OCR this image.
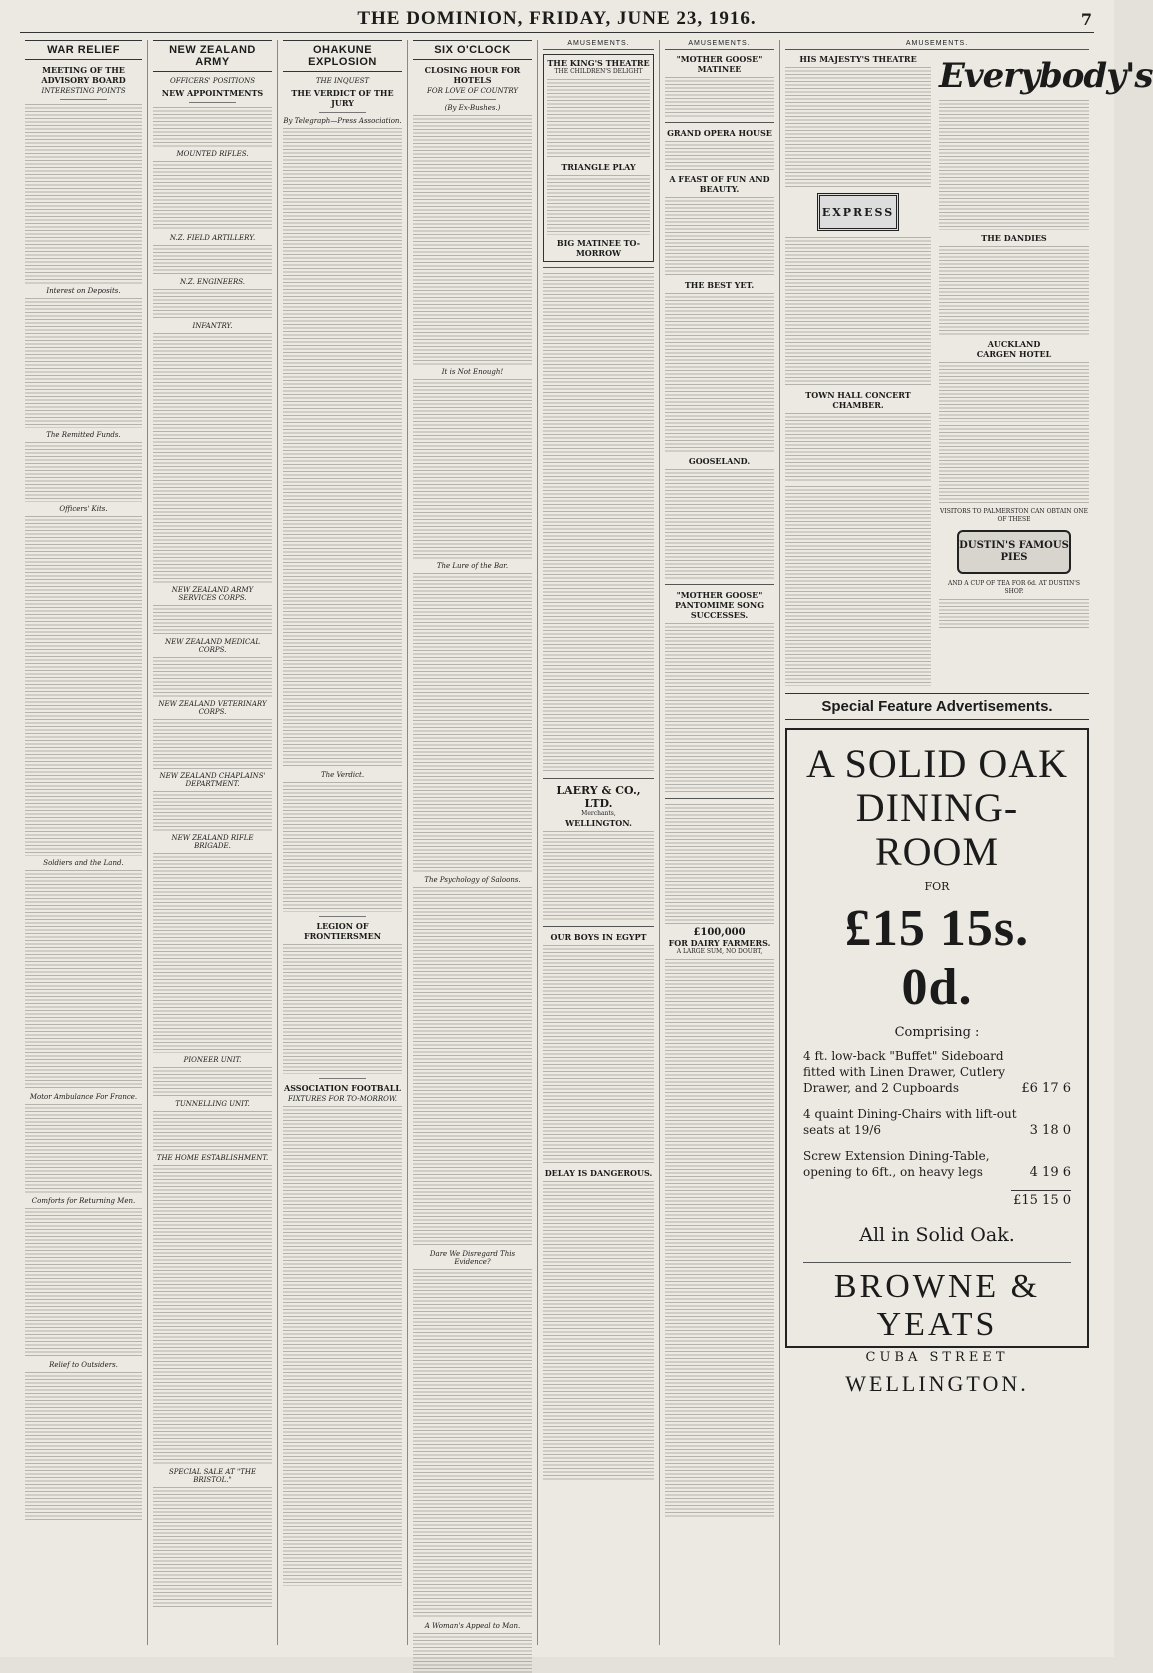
THE DOMINION, FRIDAY, JUNE 23, 1916.	7
WAR RELIEF
MEETING OF THE ADVISORY BOARD
INTERESTING POINTS
Interest on Deposits.
The Remitted Funds.
Officers' Kits.
Soldiers and the Land.
Motor Ambulance For France.
Comforts for Returning Men.
Relief to Outsiders.
NEW ZEALAND ARMY
OFFICERS' POSITIONS
NEW APPOINTMENTS
MOUNTED RIFLES.
N.Z. FIELD ARTILLERY.
N.Z. ENGINEERS.
INFANTRY.
NEW ZEALAND ARMY SERVICES CORPS.
NEW ZEALAND MEDICAL CORPS.
NEW ZEALAND VETERINARY CORPS.
NEW ZEALAND CHAPLAINS' DEPARTMENT.
NEW ZEALAND RIFLE BRIGADE.
PIONEER UNIT.
TUNNELLING UNIT.
THE HOME ESTABLISHMENT.
SPECIAL SALE AT "THE BRISTOL."
OHAKUNE EXPLOSION
THE INQUEST
THE VERDICT OF THE JURY
By Telegraph—Press Association.
The Verdict.
LEGION OF FRONTIERSMEN
ASSOCIATION FOOTBALL
FIXTURES FOR TO-MORROW.
SIX O'CLOCK
CLOSING HOUR FOR HOTELS
FOR LOVE OF COUNTRY
(By Ex-Bushes.)
It is Not Enough!
The Lure of the Bar.
The Psychology of Saloons.
Dare We Disregard This Evidence?
A Woman's Appeal to Man.
AMUSEMENTS.
THE KING'S THEATRE
THE CHILDREN'S DELIGHT
TRIANGLE PLAY
BIG MATINEE TO-MORROW
LAERY & CO., LTD.
Merchants,
WELLINGTON.
OUR BOYS IN EGYPT
DELAY IS DANGEROUS.
AMUSEMENTS.
"MOTHER GOOSE" MATINEE
GRAND OPERA HOUSE
A FEAST OF FUN AND BEAUTY.
THE BEST YET.
GOOSELAND.
"MOTHER GOOSE" PANTOMIME SONG SUCCESSES.
£100,000
FOR DAIRY FARMERS.
A LARGE SUM, NO DOUBT,
AMUSEMENTS.
HIS MAJESTY'S THEATRE
EXPRESS
TOWN HALL CONCERT CHAMBER.
Everybody's
THE DANDIES
AUCKLAND
CARGEN HOTEL
VISITORS TO PALMERSTON CAN OBTAIN ONE OF THESE
DUSTIN'S FAMOUS PIES
AND A CUP OF TEA FOR 6d. AT DUSTIN'S SHOP.
Special Feature Advertisements.
A SOLID OAK
DINING-ROOM
FOR
£15 15s. 0d.
Comprising :
4 ft. low-back "Buffet" Sideboard fitted with Linen Drawer, Cutlery Drawer, and 2 Cupboards	£6 17 6
4 quaint Dining-Chairs with lift-out seats at 19/6	3 18 0
Screw Extension Dining-Table, opening to 6ft., on heavy legs	4 19 6
£15 15 0
All in Solid Oak.
BROWNE & YEATS
CUBA STREET
WELLINGTON.
